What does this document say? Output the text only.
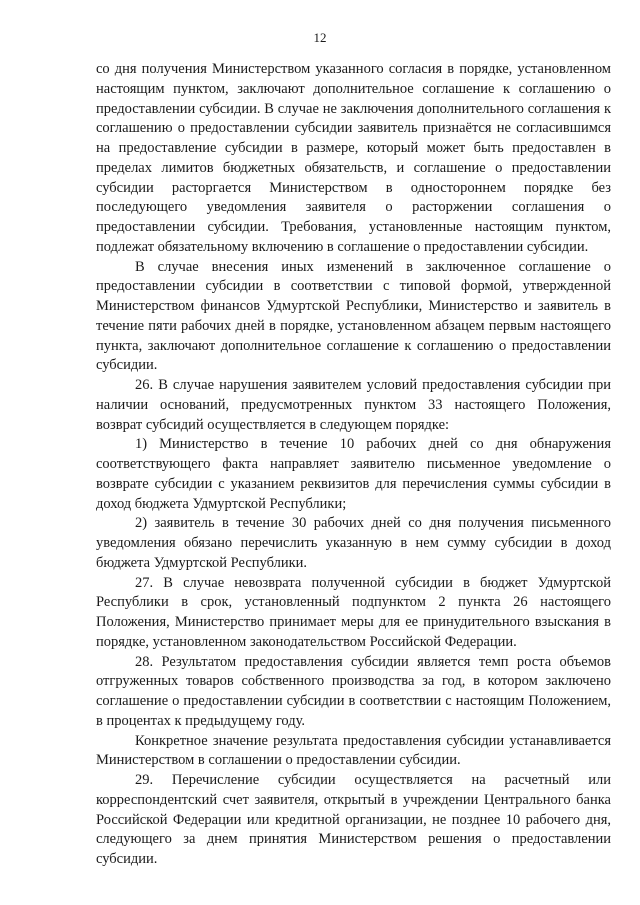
12

со дня получения Министерством указанного согласия в порядке, установленном настоящим пунктом, заключают дополнительное соглашение к соглашению о предоставлении субсидии. В случае не заключения дополнительного соглашения к соглашению о предоставлении субсидии заявитель признаётся не согласившимся на предоставление субсидии в размере, который может быть предоставлен в пределах лимитов бюджетных обязательств, и соглашение о предоставлении субсидии расторгается Министерством в одностороннем порядке без последующего уведомления заявителя о расторжении соглашения о предоставлении субсидии. Требования, установленные настоящим пунктом, подлежат обязательному включению в соглашение о предоставлении субсидии.

В случае внесения иных изменений в заключенное соглашение о предоставлении субсидии в соответствии с типовой формой, утвержденной Министерством финансов Удмуртской Республики, Министерство и заявитель в течение пяти рабочих дней в порядке, установленном абзацем первым настоящего пункта, заключают дополнительное соглашение к соглашению о предоставлении субсидии.

26. В случае нарушения заявителем условий предоставления субсидии при наличии оснований, предусмотренных пунктом 33 настоящего Положения, возврат субсидий осуществляется в следующем порядке:

1) Министерство в течение 10 рабочих дней со дня обнаружения соответствующего факта направляет заявителю письменное уведомление о возврате субсидии с указанием реквизитов для перечисления суммы субсидии в доход бюджета Удмуртской Республики;

2) заявитель в течение 30 рабочих дней со дня получения письменного уведомления обязано перечислить указанную в нем сумму субсидии в доход бюджета Удмуртской Республики.

27. В случае невозврата полученной субсидии в бюджет Удмуртской Республики в срок, установленный подпунктом 2 пункта 26 настоящего Положения, Министерство принимает меры для ее принудительного взыскания в порядке, установленном законодательством Российской Федерации.

28. Результатом предоставления субсидии является темп роста объемов отгруженных товаров собственного производства за год, в котором заключено соглашение о предоставлении субсидии в соответствии с настоящим Положением, в процентах к предыдущему году.

Конкретное значение результата предоставления субсидии устанавливается Министерством в соглашении о предоставлении субсидии.

29. Перечисление субсидии осуществляется на расчетный или корреспондентский счет заявителя, открытый в учреждении Центрального банка Российской Федерации или кредитной организации, не позднее 10 рабочего дня, следующего за днем принятия Министерством решения о предоставлении субсидии.
